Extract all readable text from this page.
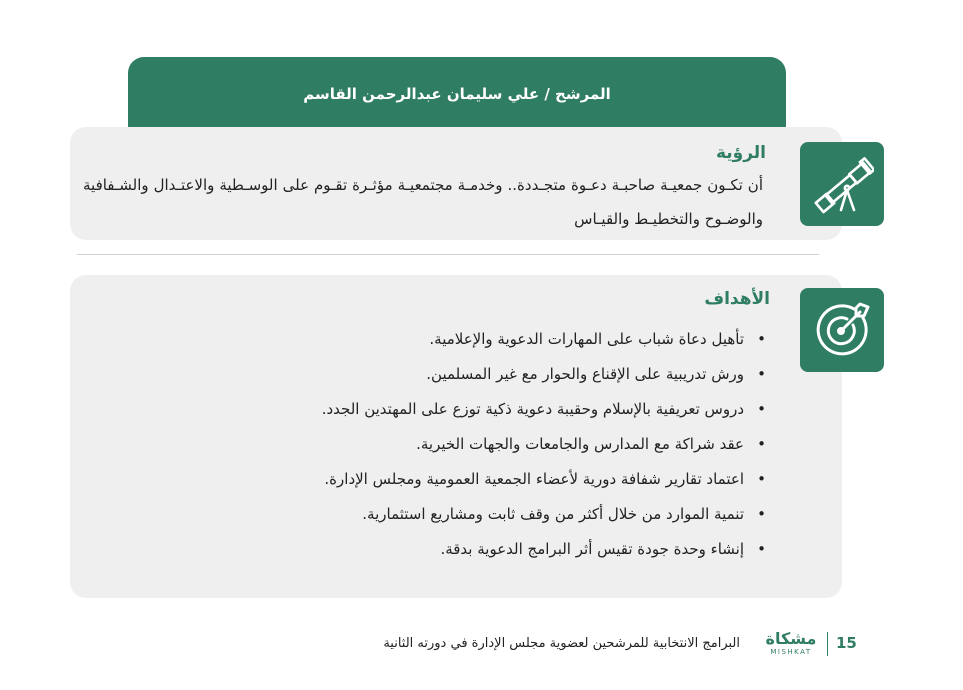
المرشح / علي سليمان عبدالرحمن القاسم
الرؤية
أن تكـون جمعيـة صاحبـة دعـوة متجـددة.. وخدمـة مجتمعيـة مؤثـرة تقـوم على الوسـطية والاعتـدال والشـفافية والوضـوح والتخطيـط والقيـاس
الأهداف
• تأهيل دعاة شباب على المهارات الدعوية والإعلامية.
• ورش تدريبية على الإقناع والحوار مع غير المسلمين.
• دروس تعريفية بالإسلام وحقيبة دعوية ذكية توزع على المهتدين الجدد.
• عقد شراكة مع المدارس والجامعات والجهات الخيرية.
• اعتماد تقارير شفافة دورية لأعضاء الجمعية العمومية ومجلس الإدارة.
• تنمية الموارد من خلال أكثر من وقف ثابت ومشاريع استثمارية.
• إنشاء وحدة جودة تقيس أثر البرامج الدعوية بدقة.
البرامج الانتخابية للمرشحين لعضوية مجلس الإدارة في دورته الثانية مشكاة
MISHKAT	15
